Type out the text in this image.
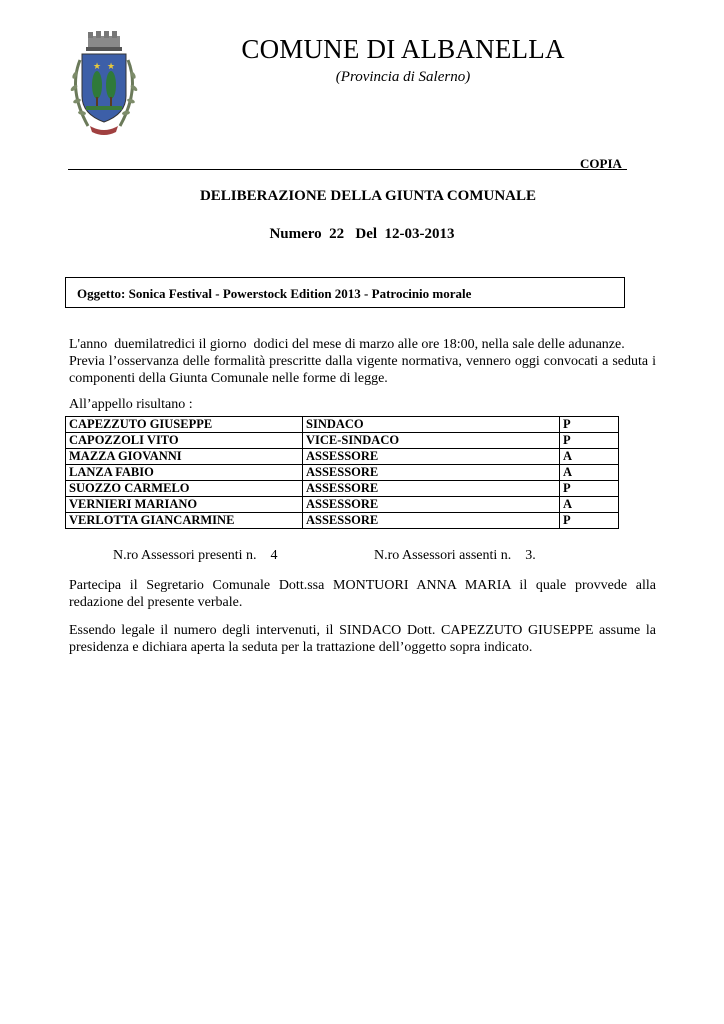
★ ★
COMUNE DI ALBANELLA
(Provincia di Salerno)
COPIA
DELIBERAZIONE DELLA GIUNTA COMUNALE
Numero  22   Del  12-03-2013
Oggetto: Sonica Festival - Powerstock Edition 2013 - Patrocinio morale
L'anno  duemilatredici il giorno  dodici del mese di marzo alle ore 18:00, nella sale delle adunanze.
Previa l’osservanza delle formalità prescritte dalla vigente normativa, vennero oggi convocati a seduta i componenti della Giunta Comunale nelle forme di legge.
All’appello risultano :
CAPEZZUTO GIUSEPPE	SINDACO	P
CAPOZZOLI VITO	VICE-SINDACO	P
MAZZA GIOVANNI	ASSESSORE	A
LANZA FABIO	ASSESSORE	A
SUOZZO CARMELO	ASSESSORE	P
VERNIERI MARIANO	ASSESSORE	A
VERLOTTA GIANCARMINE	ASSESSORE	P
N.ro Assessori presenti n.    4	N.ro Assessori assenti n.    3.
Partecipa il Segretario Comunale Dott.ssa MONTUORI ANNA MARIA il quale provvede alla redazione del presente verbale.
Essendo legale il numero degli intervenuti, il SINDACO Dott. CAPEZZUTO GIUSEPPE assume la presidenza e dichiara aperta la seduta per la trattazione dell’oggetto sopra indicato.
